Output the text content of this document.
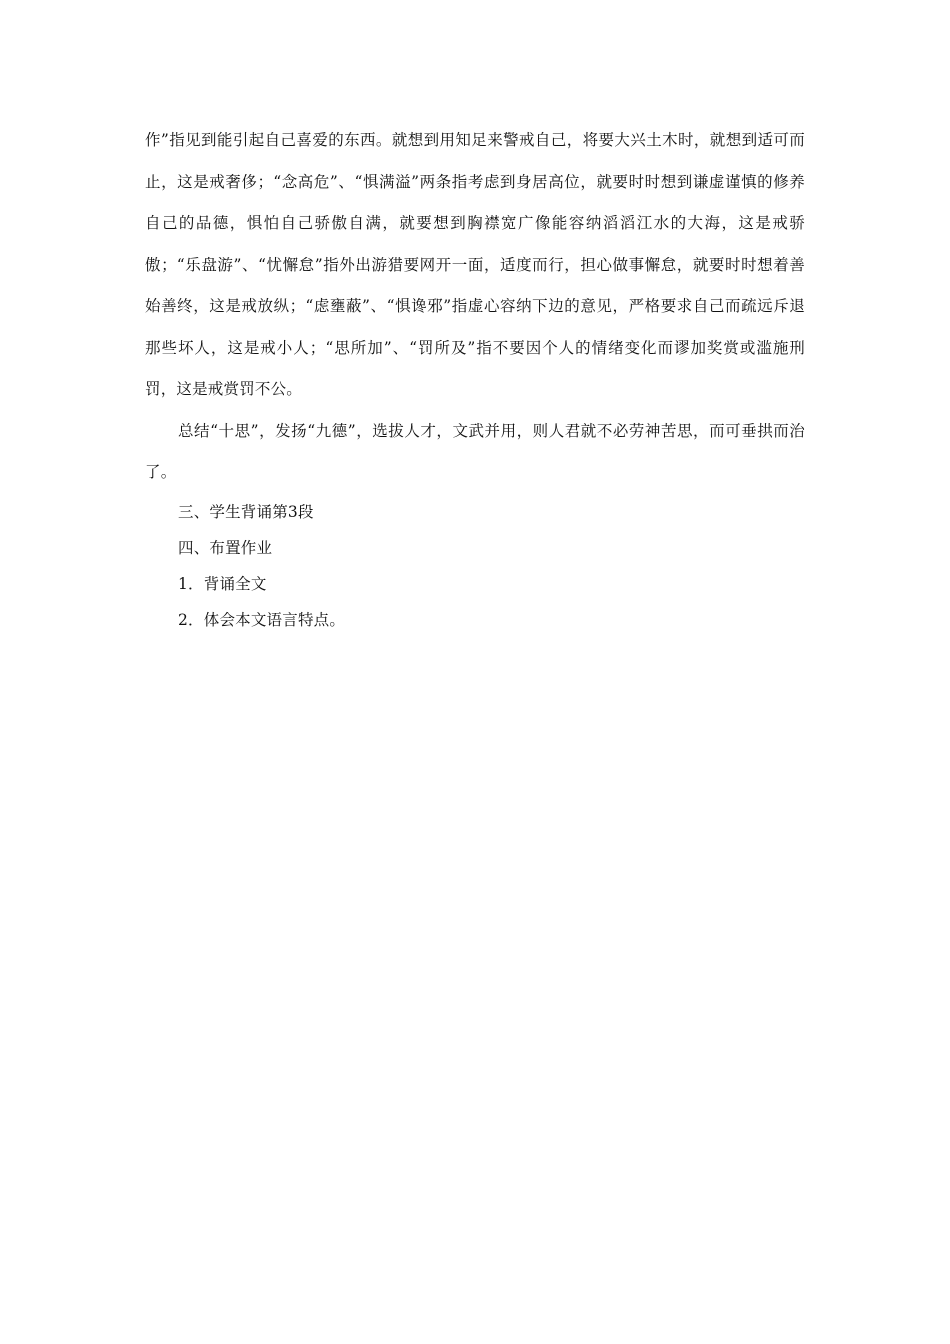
作”指见到能引起自己喜爱的东西。就想到用知足来警戒自己，将要大兴土木时，就想到适可而止，这是戒奢侈；“念高危”、“惧满溢”两条指考虑到身居高位，就要时时想到谦虚谨慎的修养自己的品德，惧怕自己骄傲自满，就要想到胸襟宽广像能容纳滔滔江水的大海，这是戒骄傲；“乐盘游”、“忧懈怠”指外出游猎要网开一面，适度而行，担心做事懈怠，就要时时想着善始善终，这是戒放纵；“虑壅蔽”、“惧谗邪”指虚心容纳下边的意见，严格要求自己而疏远斥退那些坏人，这是戒小人；“思所加”、“罚所及”指不要因个人的情绪变化而谬加奖赏或滥施刑罚，这是戒赏罚不公。

总结“十思”，发扬“九德”，选拔人才，文武并用，则人君就不必劳神苦思，而可垂拱而治了。

三、学生背诵第3段

四、布置作业

1．背诵全文

2．体会本文语言特点。
